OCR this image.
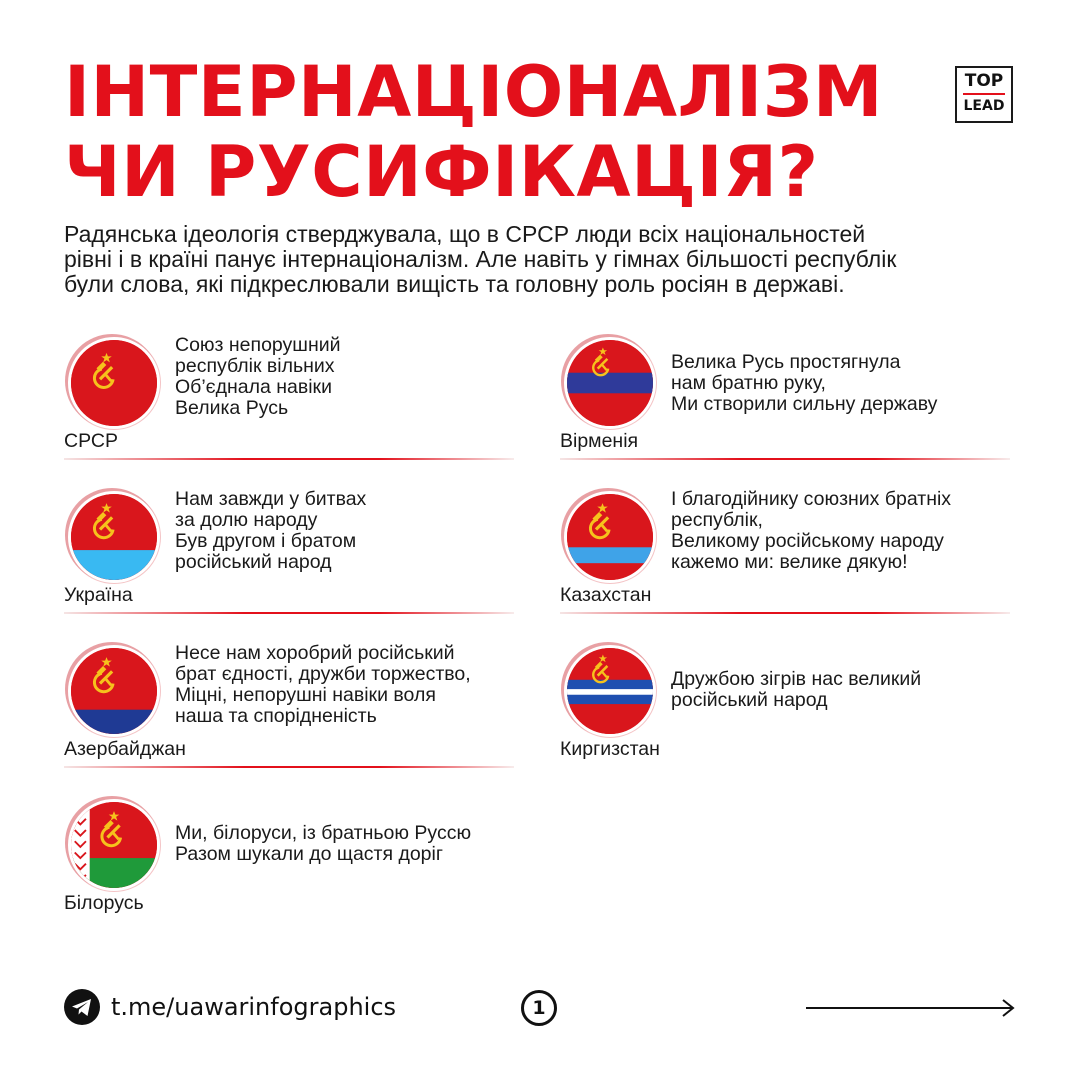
ІНТЕРНАЦІОНАЛІЗМ
ЧИ РУСИФІКАЦІЯ?
TOP
LEAD

Радянська ідеологія стверджувала, що в СРСР люди всіх національностей
рівні і в країні панує інтернаціоналізм. Але навіть у гімнах більшості республік
були слова, які підкреслювали вищість та головну роль росіян в державі.

Союз непорушний
республік вільних
Об’єднала навіки
Велика Русь

СРСР

Велика Русь простягнула
нам братню руку,
Ми створили сильну державу

Вірменія

Нам завжди у битвах
за долю народу
Був другом і братом
російський народ

Україна

І благодійнику союзних братніх
республік,
Великому російському народу
кажемо ми: велике дякую!

Казахстан

Несе нам хоробрий російський
брат єдності, дружби торжество,
Міцні, непорушні навіки воля
наша та спорідненість

Азербайджан

Дружбою зігрів нас великий
російський народ

Киргизстан

Ми, білоруси, із братньою Руссю
Разом шукали до щастя доріг

Білорусь
t.me/uawarinfographics	1
